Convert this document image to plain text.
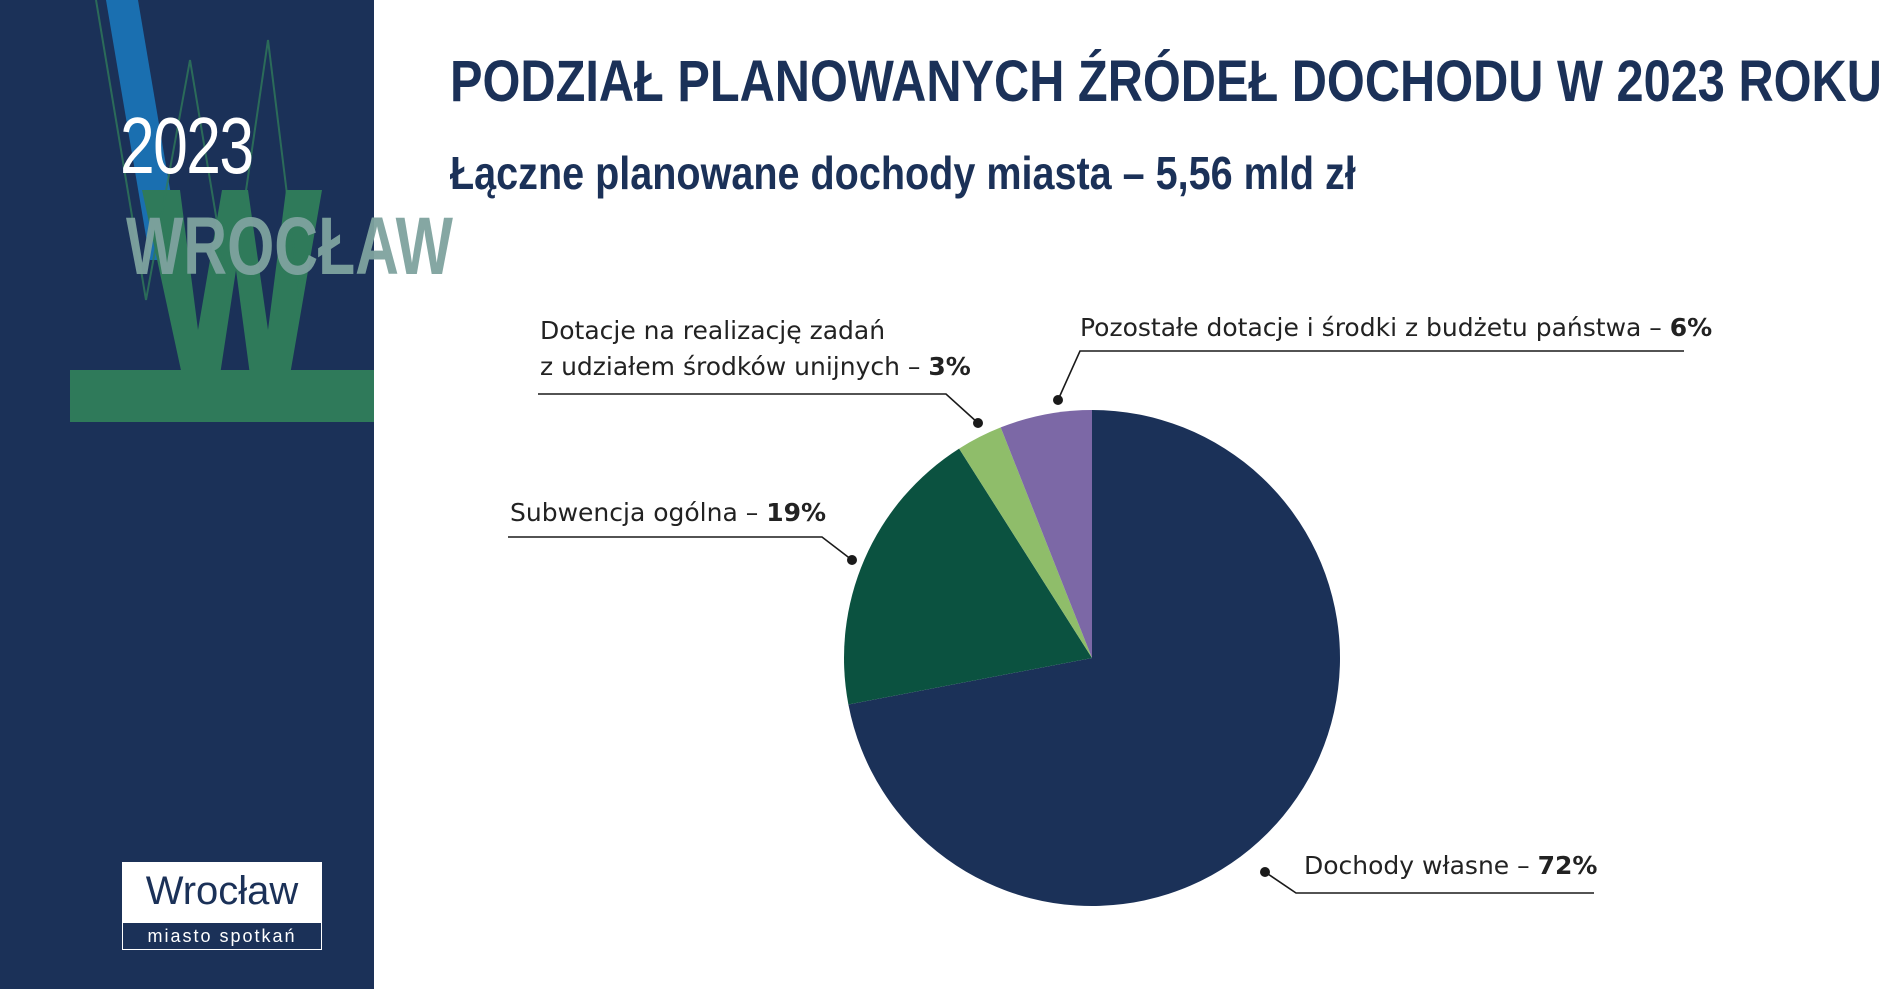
2023
WROCŁAW
Wrocław
miasto spotkań
PODZIAŁ PLANOWANYCH ŹRÓDEŁ DOCHODU W 2023 ROKU
Łączne planowane dochody miasta – 5,56 mld zł
Dochody własne – 72%
Subwencja ogólna – 19%
Dotacje na realizację zadań
z udziałem środków unijnych – 3%
Pozostałe dotacje i środki z budżetu państwa – 6%
